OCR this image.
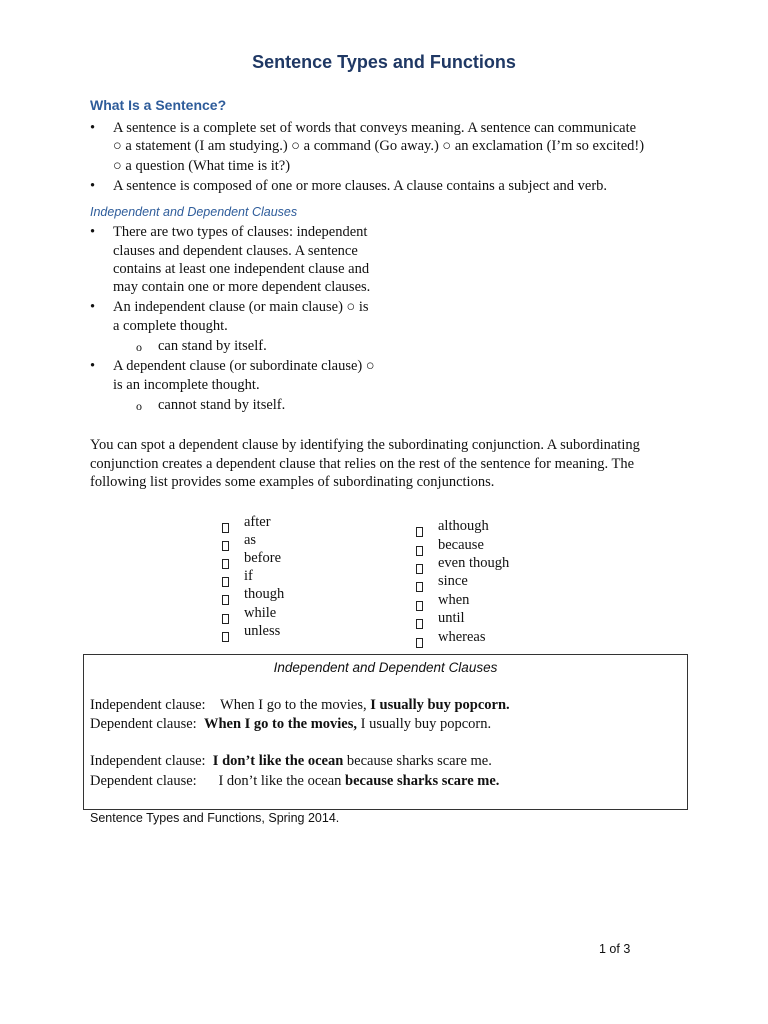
Sentence Types and Functions
What Is a Sentence?
• A sentence is a complete set of words that conveys meaning. A sentence can communicate
○ a statement (I am studying.) ○ a command (Go away.) ○ an exclamation (I’m so excited!)
○ a question (What time is it?)
• A sentence is composed of one or more clauses. A clause contains a subject and verb.
Independent and Dependent Clauses
• There are two types of clauses: independent
clauses and dependent clauses. A sentence
contains at least one independent clause and
may contain one or more dependent clauses.
• An independent clause (or main clause) ○ is
a complete thought.
o can stand by itself.
• A dependent clause (or subordinate clause) ○
is an incomplete thought.
o cannot stand by itself.
You can spot a dependent clause by identifying the subordinating conjunction. A subordinating
conjunction creates a dependent clause that relies on the rest of the sentence for meaning. The
following list provides some examples of subordinating conjunctions.
after
as
before
if
though
while
unless
although
because
even though
since
when
until
whereas
Independent and Dependent Clauses
Independent clause: When I go to the movies, I usually buy popcorn.
Dependent clause: When I go to the movies, I usually buy popcorn.
Independent clause: I don’t like the ocean because sharks scare me.
Dependent clause: I don’t like the ocean because sharks scare me.
Sentence Types and Functions, Spring 2014.
1 of 3
